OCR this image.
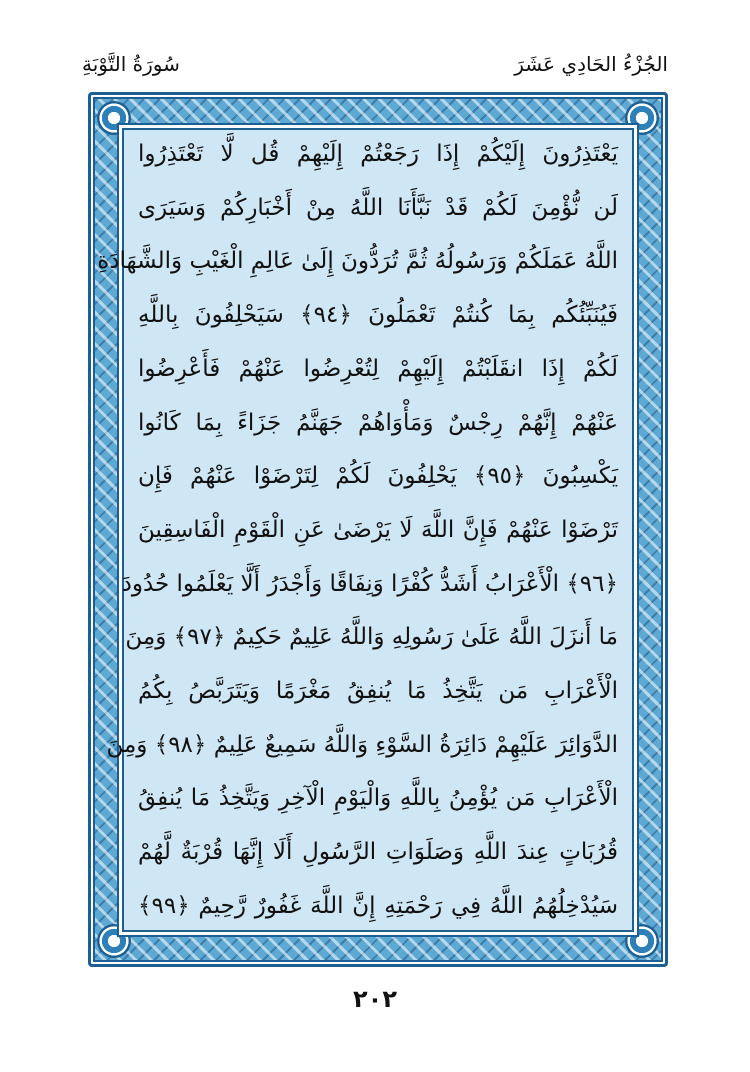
الجُزْءُ الحَادِي عَشَرَ
سُورَةُ التَّوْبَةِ
يَعْتَذِرُونَ إِلَيْكُمْ إِذَا رَجَعْتُمْ إِلَيْهِمْ قُل لَّا تَعْتَذِرُوا
لَن نُّؤْمِنَ لَكُمْ قَدْ نَبَّأَنَا اللَّهُ مِنْ أَخْبَارِكُمْ وَسَيَرَى
اللَّهُ عَمَلَكُمْ وَرَسُولُهُ ثُمَّ تُرَدُّونَ إِلَىٰ عَالِمِ الْغَيْبِ وَالشَّهَادَةِ
فَيُنَبِّئُكُم بِمَا كُنتُمْ تَعْمَلُونَ ﴿٩٤﴾ سَيَحْلِفُونَ بِاللَّهِ
لَكُمْ إِذَا انقَلَبْتُمْ إِلَيْهِمْ لِتُعْرِضُوا عَنْهُمْ فَأَعْرِضُوا
عَنْهُمْ إِنَّهُمْ رِجْسٌ وَمَأْوَاهُمْ جَهَنَّمُ جَزَاءً بِمَا كَانُوا
يَكْسِبُونَ ﴿٩٥﴾ يَحْلِفُونَ لَكُمْ لِتَرْضَوْا عَنْهُمْ فَإِن
تَرْضَوْا عَنْهُمْ فَإِنَّ اللَّهَ لَا يَرْضَىٰ عَنِ الْقَوْمِ الْفَاسِقِينَ
﴿٩٦﴾ الْأَعْرَابُ أَشَدُّ كُفْرًا وَنِفَاقًا وَأَجْدَرُ أَلَّا يَعْلَمُوا حُدُودَ
مَا أَنزَلَ اللَّهُ عَلَىٰ رَسُولِهِ وَاللَّهُ عَلِيمٌ حَكِيمٌ ﴿٩٧﴾ وَمِنَ
الْأَعْرَابِ مَن يَتَّخِذُ مَا يُنفِقُ مَغْرَمًا وَيَتَرَبَّصُ بِكُمُ
الدَّوَائِرَ عَلَيْهِمْ دَائِرَةُ السَّوْءِ وَاللَّهُ سَمِيعٌ عَلِيمٌ ﴿٩٨﴾ وَمِنَ
الْأَعْرَابِ مَن يُؤْمِنُ بِاللَّهِ وَالْيَوْمِ الْآخِرِ وَيَتَّخِذُ مَا يُنفِقُ
قُرُبَاتٍ عِندَ اللَّهِ وَصَلَوَاتِ الرَّسُولِ أَلَا إِنَّهَا قُرْبَةٌ لَّهُمْ
سَيُدْخِلُهُمُ اللَّهُ فِي رَحْمَتِهِ إِنَّ اللَّهَ غَفُورٌ رَّحِيمٌ ﴿٩٩﴾
٢٠٢
